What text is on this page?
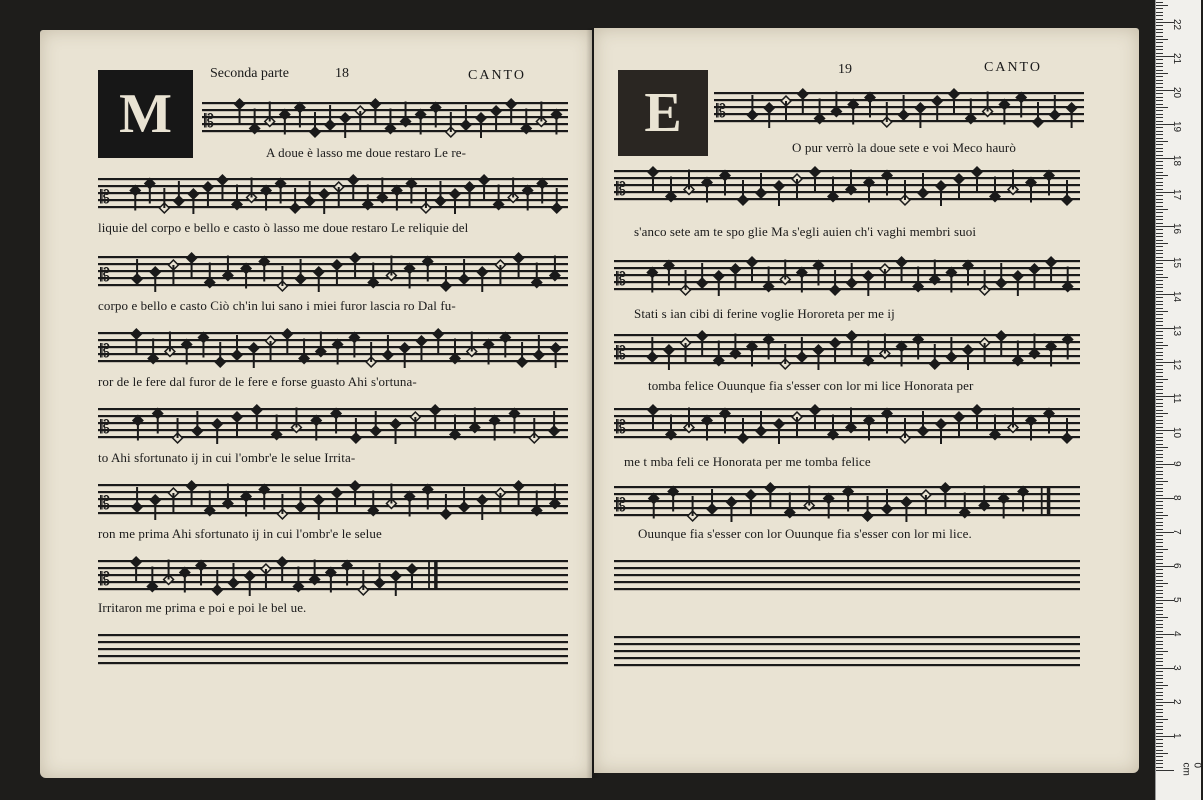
M
Seconda parte	18	CANTO
𝄡
A doue è lasso me doue restaro Le re-
𝄡
liquie del corpo e bello e casto ò lasso me doue restaro Le reliquie del
𝄡
corpo e bello e casto Ciò ch'in lui sano i miei furor lascia ro Dal fu-
𝄡
ror de le fere dal furor de le fere e forse guasto Ahi s'ortuna-
𝄡
to Ahi sfortunato ij in cui l'ombr'e le selue Irrita-
𝄡
ron me prima Ahi sfortunato ij in cui l'ombr'e le selue
𝄡
Irritaron me prima e poi e poi le bel ue.
E
19	CANTO
𝄡
O pur verrò la doue sete e voi Meco haurò
𝄡
s'anco sete am te spo glie Ma s'egli auien ch'i vaghi membri suoi
𝄡
Stati s ian cibi di ferine voglie Hororeta per me ij
𝄡
tomba felice Ouunque fia s'esser con lor mi lice Honorata per
𝄡
me t mba feli ce Honorata per me tomba felice
𝄡
Ouunque fia s'esser con lor Ouunque fia s'esser con lor mi lice.
1
2
3
4
5
6
7
8
9
10
11
12
13
14
15
16
17
18
19
20
21
22
0 cm
